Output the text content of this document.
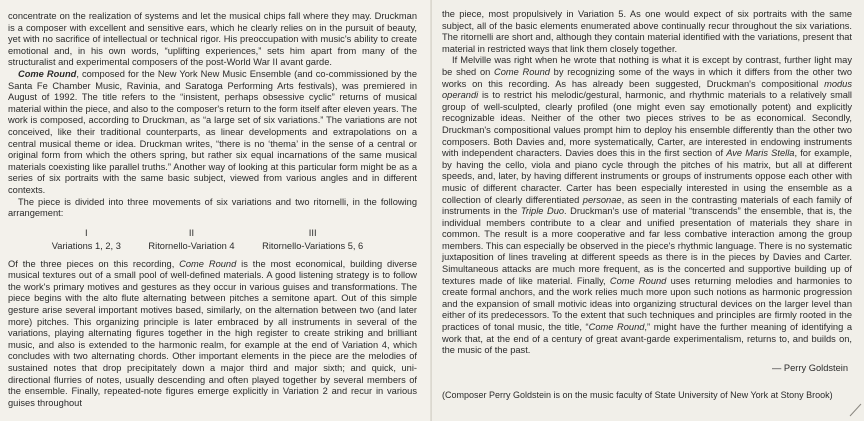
concentrate on the realization of systems and let the musical chips fall where they may. Druckman is a composer with excellent and sensitive ears, which he clearly relies on in the pursuit of beauty, yet with no sacrifice of intellectual or technical rigor. His preoccupation with music's ability to create emotional and, in his own words, “uplifting experiences,” sets him apart from many of the structuralist and experimental composers of the post-World War II avant garde.

Come Round, composed for the New York New Music Ensemble (and co-commissioned by the Santa Fe Chamber Music, Ravinia, and Saratoga Performing Arts festivals), was premiered in August of 1992. The title refers to the “insistent, perhaps obsessive cyclic” returns of musical material within the piece, and also to the composer's return to the form itself after eleven years. The work is composed, according to Druckman, as “a large set of six variations.” The variations are not conceived, like their traditional counterparts, as linear developments and extrapolations on a central musical theme or idea. Druckman writes, “there is no ‘thema’ in the sense of a central or original form from which the others spring, but rather six equal incarnations of the same musical materials coexisting like parallel truths.” Another way of looking at this particular form might be as a series of six portraits with the same basic subject, viewed from various angles and in different contexts.

The piece is divided into three movements of six variations and two ritornelli, in the following arrangement:

I
Variations 1, 2, 3
II
Ritornello-Variation 4
III
Ritornello-Variations 5, 6

Of the three pieces on this recording, Come Round is the most economical, building diverse musical textures out of a small pool of well-defined materials. A good listening strategy is to follow the work's primary motives and gestures as they occur in various guises and transformations. The piece begins with the alto flute alternating between pitches a semitone apart. Out of this simple gesture arise several important motives based, similarly, on the alternation between two (and later more) pitches. This organizing principle is later embraced by all instruments in several of the variations, playing alternating figures together in the high register to create striking and brilliant music, and also is extended to the harmonic realm, for example at the end of Variation 4, which concludes with two alternating chords. Other important elements in the piece are the melodies of sustained notes that drop precipitately down a major third and major sixth; and quick, uni-directional flurries of notes, usually descending and often played together by several members of the ensemble. Finally, repeated-note figures emerge explicitly in Variation 2 and recur in various guises throughout

the piece, most propulsively in Variation 5. As one would expect of six portraits with the same subject, all of the basic elements enumerated above continually recur throughout the six variations. The ritornelli are short and, although they contain material identified with the variations, present that material in restricted ways that link them closely together.

If Melville was right when he wrote that nothing is what it is except by contrast, further light may be shed on Come Round by recognizing some of the ways in which it differs from the other two works on this recording. As has already been suggested, Druckman's compositional modus operandi is to restrict his melodic/gestural, harmonic, and rhythmic materials to a relatively small group of well-sculpted, clearly profiled (one might even say emotionally potent) and explicitly recognizable ideas. Neither of the other two pieces strives to be as economical. Secondly, Druckman's compositional values prompt him to deploy his ensemble differently than the other two composers. Both Davies and, more systematically, Carter, are interested in endowing instruments with independent characters. Davies does this in the first section of Ave Maris Stella, for example, by having the cello, viola and piano cycle through the pitches of his matrix, but all at different speeds, and, later, by having different instruments or groups of instruments oppose each other with music of different character. Carter has been especially interested in using the ensemble as a collection of clearly differentiated personae, as seen in the contrasting materials of each family of instruments in the Triple Duo. Druckman's use of material “transcends” the ensemble, that is, the individual members contribute to a clear and unified presentation of materials they share in common. The result is a more cooperative and far less combative interaction among the group members. This can especially be observed in the piece's rhythmic language. There is no systematic juxtaposition of lines traveling at different speeds as there is in the pieces by Davies and Carter. Simultaneous attacks are much more frequent, as is the concerted and supportive building up of textures made of like material. Finally, Come Round uses returning melodies and harmonies to create formal anchors, and the work relies much more upon such notions as harmonic progression and the expansion of small motivic ideas into organizing structural devices on the larger level than either of its predecessors. To the extent that such techniques and principles are firmly rooted in the practices of tonal music, the title, “Come Round,” might have the further meaning of identifying a work that, at the end of a century of great avant-garde experimentalism, returns to, and builds on, the music of the past.

— Perry Goldstein

(Composer Perry Goldstein is on the music faculty of State University of New York at Stony Brook)
